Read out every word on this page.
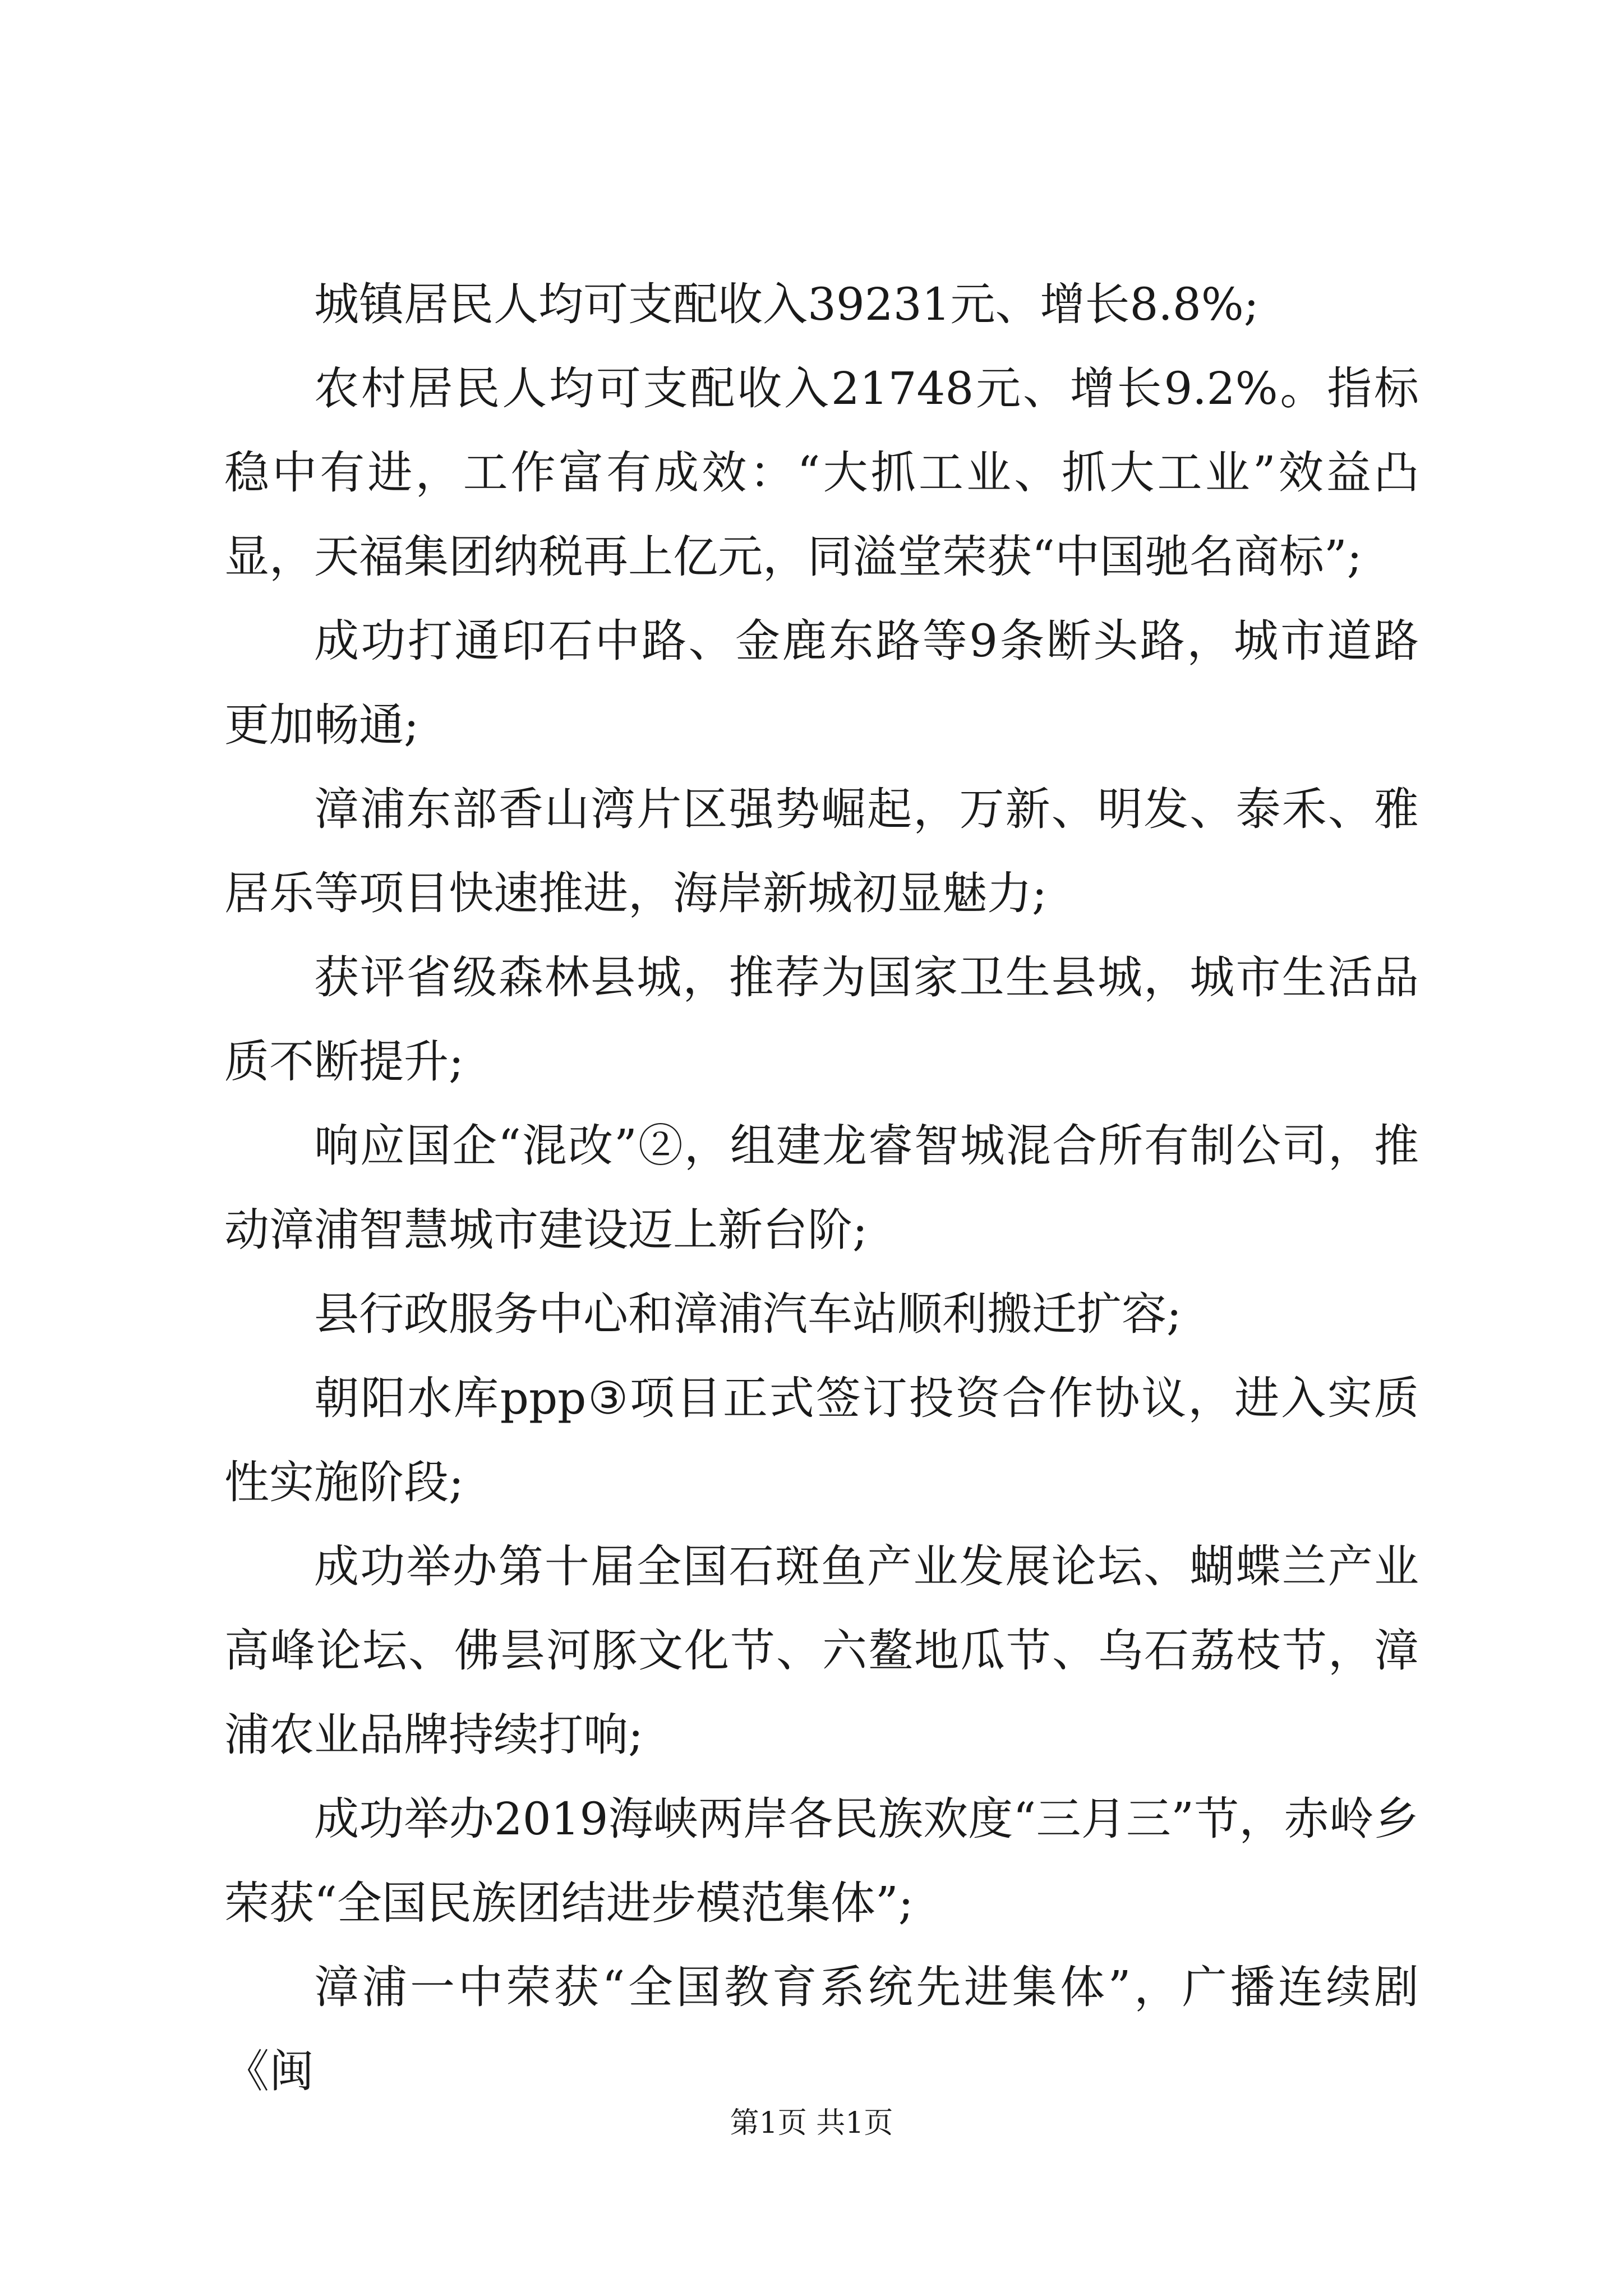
城镇居民人均可支配收入39231元、增长8.8%;

农村居民人均可支配收入21748元、增长9.2%。指标稳中有进，工作富有成效：“大抓工业、抓大工业”效益凸显，天福集团纳税再上亿元，同溢堂荣获“中国驰名商标”;

成功打通印石中路、金鹿东路等9条断头路，城市道路更加畅通;

漳浦东部香山湾片区强势崛起，万新、明发、泰禾、雅居乐等项目快速推进，海岸新城初显魅力;

获评省级森林县城，推荐为国家卫生县城，城市生活品质不断提升;

响应国企“混改”②，组建龙睿智城混合所有制公司，推动漳浦智慧城市建设迈上新台阶;

县行政服务中心和漳浦汽车站顺利搬迁扩容;

朝阳水库ppp③项目正式签订投资合作协议，进入实质性实施阶段;

成功举办第十届全国石斑鱼产业发展论坛、蝴蝶兰产业高峰论坛、佛昙河豚文化节、六鳌地瓜节、乌石荔枝节，漳浦农业品牌持续打响;

成功举办2019海峡两岸各民族欢度“三月三”节，赤岭乡荣获“全国民族团结进步模范集体”;

漳浦一中荣获“全国教育系统先进集体”，广播连续剧《闽

第1页 共1页
